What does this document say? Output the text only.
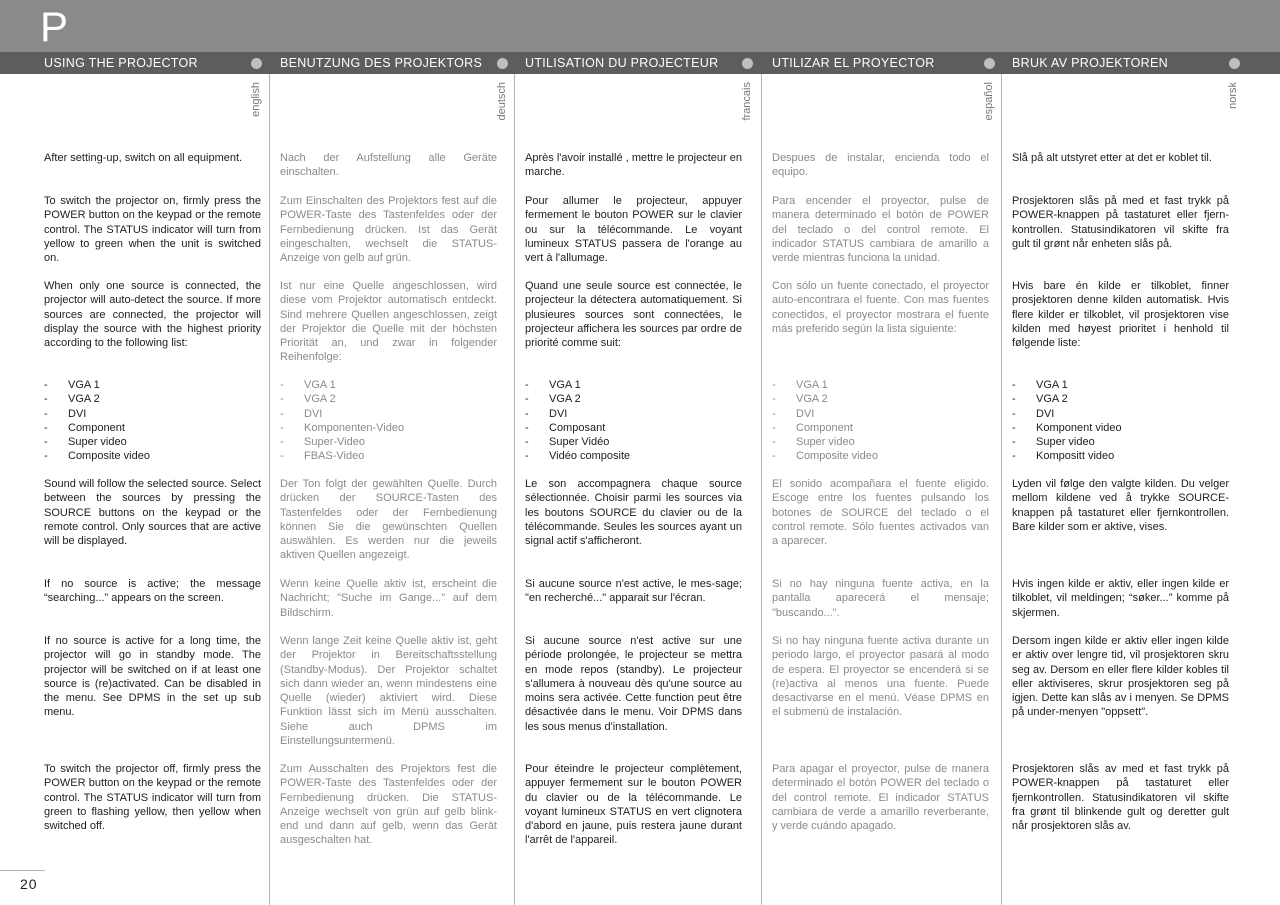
P
USING THE PROJECTOR	BENUTZUNG DES PROJEKTORS	UTILISATION DU PROJECTEUR	UTILIZAR EL PROYECTOR	BRUK AV PROJEKTOREN
english	deutsch	francais	español	norsk

After setting-up, switch on all equipment.

To switch the projector on, firmly press the POWER button on the keypad or the remote control. The STATUS indicator will turn from yellow to green when the unit is switched on.

When only one source is connected, the projector will auto-detect the source. If more sources are connected, the projector will display the source with the highest priority according to the following list:

-	VGA 1
-	VGA 2
-	DVI
-	Component
-	Super video
-	Composite video

Sound will follow the selected source. Select between the sources by pressing the SOURCE buttons on the keypad or the remote control. Only sources that are active will be displayed.

If no source is active; the message “searching...” appears on the screen.

If no source is active for a long time, the projector will go in standby mode. The projector will be switched on if at least one source is (re)activated. Can be disabled in the menu. See DPMS in the set up sub menu.

To switch the projector off, firmly press the POWER button on the keypad or the remote control. The STATUS indicator will turn from green to flashing yellow, then yellow when switched off.

Nach der Aufstellung alle Geräte einschalten.

Zum Einschalten des Projektors fest auf die POWER-Taste des Tastenfeldes oder der Fernbedienung drücken. Ist das Gerät eingeschalten, wechselt die STATUS-Anzeige von gelb auf grün.

Ist nur eine Quelle angeschlossen, wird diese vom Projektor automatisch entdeckt. Sind mehrere Quellen angeschlossen, zeigt der Projektor die Quelle mit der höchsten Priorität an, und zwar in folgender Reihenfolge:

-	VGA 1
-	VGA 2
-	DVI
-	Komponenten-Video
-	Super-Video
-	FBAS-Video

Der Ton folgt der gewählten Quelle. Durch drücken der SOURCE-Tasten des Tastenfeldes oder der Fernbedienung können Sie die gewünschten Quellen auswählen. Es werden nur die jeweils aktiven Quellen angezeigt.

Wenn keine Quelle aktiv ist, erscheint die Nachricht; "Suche im Gange..." auf dem Bildschirm.

Wenn lange Zeit keine Quelle aktiv ist, geht der Projektor in Bereitschaftsstellung (Standby-Modus). Der Projektor schaltet sich dann wieder an, wenn mindestens eine Quelle (wieder) aktiviert wird. Diese Funktion lässt sich im Menü ausschalten. Siehe auch DPMS im Einstellungsuntermenü.

Zum Ausschalten des Projektors fest die POWER-Taste des Tastenfeldes oder der Fernbedienung drücken. Die STATUS-Anzeige wechselt von grün auf gelb blink-end und dann auf gelb, wenn das Gerät ausgeschalten hat.

Après l'avoir installé , mettre le projecteur en marche.

Pour allumer le projecteur, appuyer fermement le bouton POWER sur le clavier ou sur la télécommande. Le voyant lumineux STATUS passera de l'orange au vert à l'allumage.

Quand une seule source est connectée, le projecteur la détectera automatiquement. Si plusieures sources sont connectées, le projecteur affichera les sources par ordre de priorité comme suit:

-	VGA 1
-	VGA 2
-	DVI
-	Composant
-	Super Vidéo
-	Vidéo composite

Le son accompagnera chaque source sélectionnée. Choisir parmi les sources via les boutons SOURCE du clavier ou de la télécommande. Seules les sources ayant un signal actif s'afficheront.

Si aucune source n'est active, le mes-sage; "en recherché..." apparait sur l'écran.

Si aucune source n'est active sur une période prolongée, le projecteur se mettra en mode repos (standby). Le projecteur s'allumera à nouveau dès qu'une source au moins sera activée. Cette function peut être désactivée dans le menu. Voir DPMS dans les sous menus d'installation.

Pour éteindre le projecteur complètement, appuyer fermement sur le bouton POWER du clavier ou de la télécommande. Le voyant lumineux STATUS en vert clignotera d'abord en jaune, puis restera jaune durant l'arrêt de l'appareil.

Despues de instalar, encienda todo el equipo.

Para encender el proyector, pulse de manera determinado el botón de POWER del teclado o del control remote. El indicador STATUS cambiara de amarillo a verde mientras funciona la unidad.

Con sólo un fuente conectado, el proyector auto-encontrara el fuente. Con mas fuentes conectidos, el proyector mostrara el fuente más preferido según la lista siguiente:

-	VGA 1
-	VGA 2
-	DVI
-	Component
-	Super video
-	Composite video

El sonido acompañara el fuente eligido. Escoge entre los fuentes pulsando los botones de SOURCE del teclado o el control remote. Sólo fuentes activados van a aparecer.

Si no hay ninguna fuente activa, en la pantalla aparecerá el mensaje; "buscando...".

Si no hay ninguna fuente activa durante un periodo largo, el proyector pasará al modo de espera. El proyector se encenderá si se (re)activa al menos una fuente. Puede desactivarse en el menú. Véase DPMS en el submenú de instalación.

Para apagar el proyector, pulse de manera determinado el botón POWER del teclado o del control remote. El indicador STATUS cambiara de verde a amarillo reverberante, y verde cuándo apagado.

Slå på alt utstyret etter at det er koblet til.

Prosjektoren slås på med et fast trykk på POWER-knappen på tastaturet eller fjern-kontrollen. Statusindikatoren vil skifte fra gult til grønt når enheten slås på.

Hvis bare én kilde er tilkoblet, finner prosjektoren denne kilden automatisk. Hvis flere kilder er tilkoblet, vil prosjektoren vise kilden med høyest prioritet i henhold til følgende liste:

-	VGA 1
-	VGA 2
-	DVI
-	Komponent video
-	Super video
-	Kompositt video

Lyden vil følge den valgte kilden. Du velger mellom kildene ved å trykke SOURCE-knappen på tastaturet eller fjernkontrollen. Bare kilder som er aktive, vises.

Hvis ingen kilde er aktiv, eller ingen kilde er tilkoblet, vil meldingen; “søker...” komme på skjermen.

Dersom ingen kilde er aktiv eller ingen kilde er aktiv over lengre tid, vil prosjektoren skru seg av. Dersom en eller flere kilder kobles til eller aktiviseres, skrur prosjektoren seg på igjen. Dette kan slås av i menyen. Se DPMS på under-menyen "oppsett".

Prosjektoren slås av med et fast trykk på POWER-knappen på tastaturet eller fjernkontrollen. Statusindikatoren vil skifte fra grønt til blinkende gult og deretter gult når prosjektoren slås av.

20
